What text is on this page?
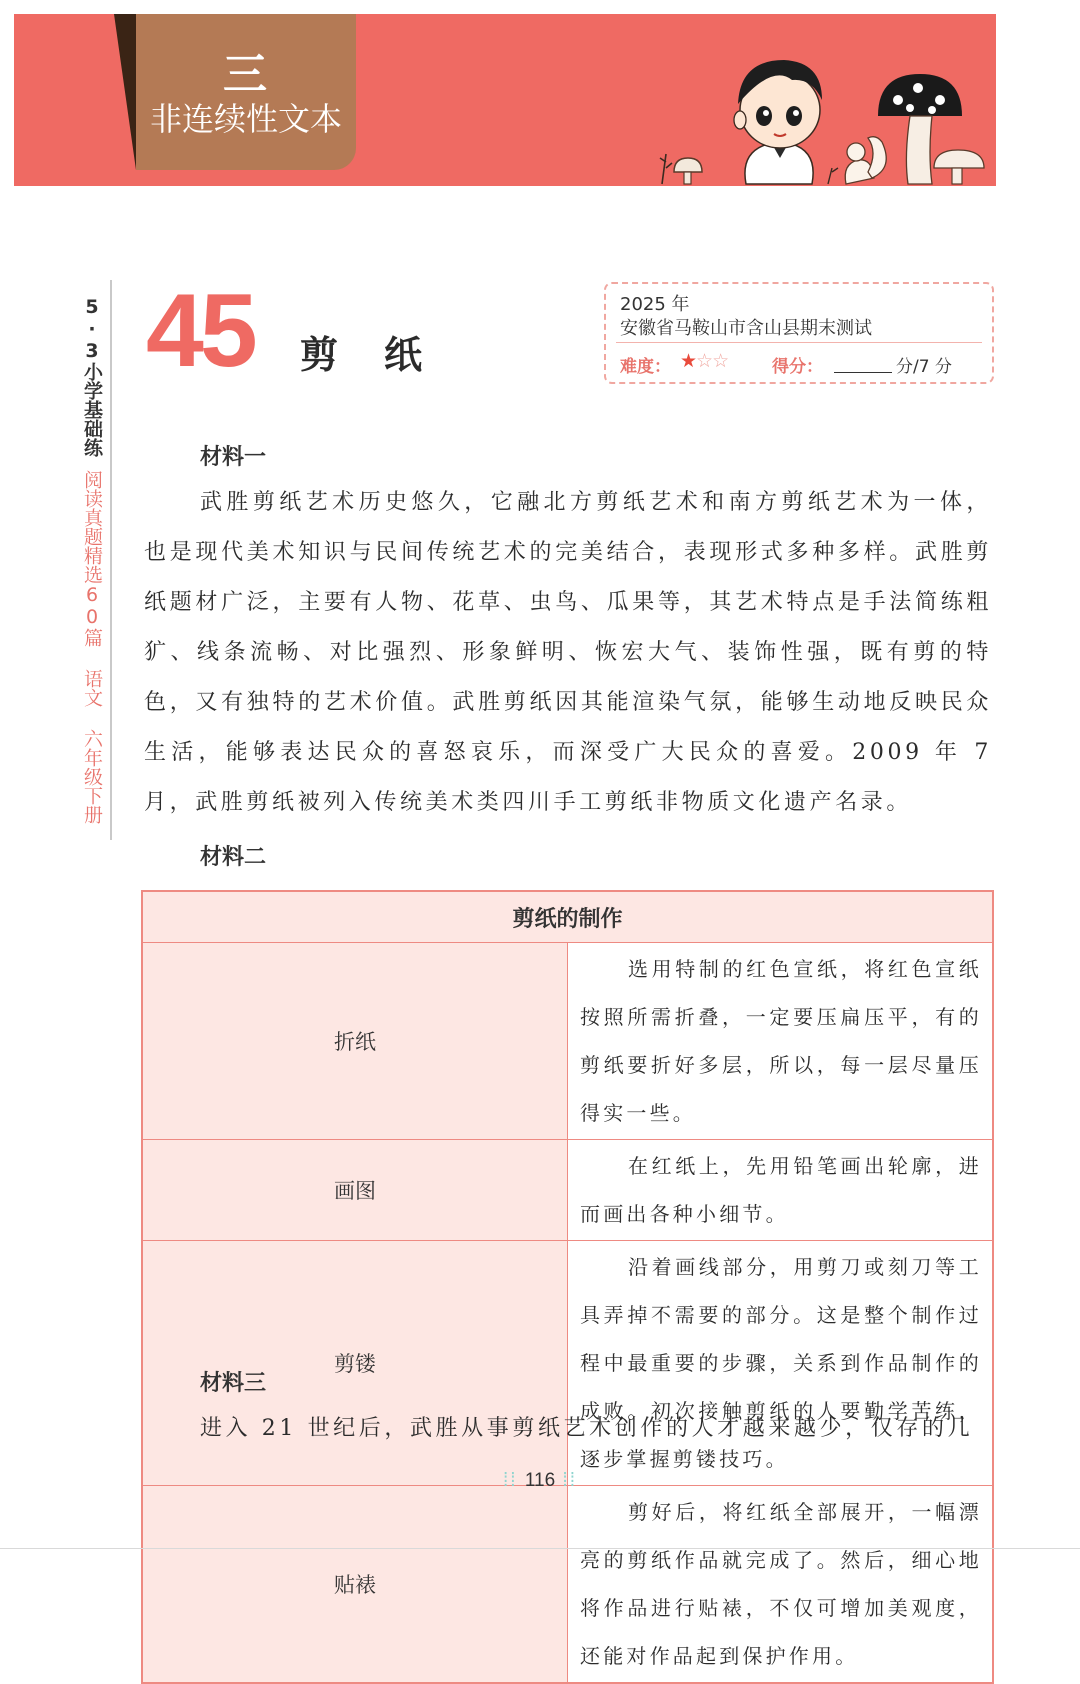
三
非连续性文本
5·3小学基础练
阅读真题精选60篇 语文 六年级下册
45 剪纸
2025 年
安徽省马鞍山市含山县期末测试
难度： ★☆☆	得分：	分/7 分
材料一

武胜剪纸艺术历史悠久，它融北方剪纸艺术和南方剪纸艺术为一体，也是现代美术知识与民间传统艺术的完美结合，表现形式多种多样。武胜剪纸题材广泛，主要有人物、花草、虫鸟、瓜果等，其艺术特点是手法简练粗犷、线条流畅、对比强烈、形象鲜明、恢宏大气、装饰性强，既有剪的特色，又有独特的艺术价值。武胜剪纸因其能渲染气氛，能够生动地反映民众生活，能够表达民众的喜怒哀乐，而深受广大民众的喜爱。2009 年 7 月，武胜剪纸被列入传统美术类四川手工剪纸非物质文化遗产名录。

材料二
剪纸的制作	
折纸	选用特制的红色宣纸，将红色宣纸按照所需折叠，一定要压扁压平，有的剪纸要折好多层，所以，每一层尽量压得实一些。
画图	在红纸上，先用铅笔画出轮廓，进而画出各种小细节。
剪镂	沿着画线部分，用剪刀或刻刀等工具弄掉不需要的部分。这是整个制作过程中最重要的步骤，关系到作品制作的成败。初次接触剪纸的人要勤学苦练，逐步掌握剪镂技巧。
贴裱	剪好后，将红纸全部展开，一幅漂亮的剪纸作品就完成了。然后，细心地将作品进行贴裱，不仅可增加美观度，还能对作品起到保护作用。
材料三

进入 21 世纪后，武胜从事剪纸艺术创作的人才越来越少，仅存的几

⁞⁞ 116 ⁞⁞
